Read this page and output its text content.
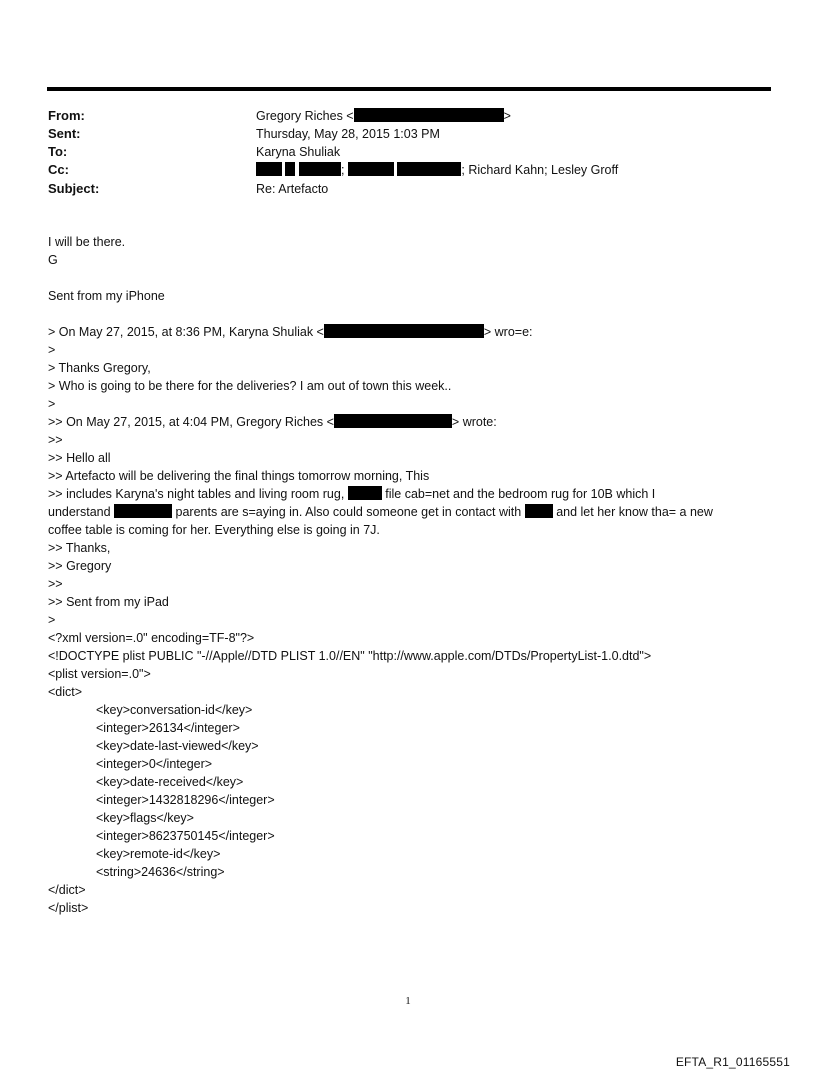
From:	Gregory Riches <	>
Sent:	Thursday, May 28, 2015 1:03 PM
To:	Karyna Shuliak
Cc:	;	; Richard Kahn; Lesley Groff
Subject:	Re: Artefacto
I will be there.
G
Sent from my iPhone
> On May 27, 2015, at 8:36 PM, Karyna Shuliak <	> wro=e:
>
> Thanks Gregory,
> Who is going to be there for the deliveries? I am out of town this week..
>
>> On May 27, 2015, at 4:04 PM, Gregory Riches <	> wrote:
>>
>> Hello all
>> Artefacto will be delivering the final things tomorrow morning, This
>> includes Karyna's night tables and living room rug,	file cab=net and the bedroom rug for 10B which I
understand	parents are s=aying in. Also could someone get in contact with	and let her know tha= a new
coffee table is coming for her. Everything else is going in 7J.
>> Thanks,
>> Gregory
>>
>> Sent from my iPad
>
<?xml version=.0" encoding=TF-8"?>
<!DOCTYPE plist PUBLIC "-//Apple//DTD PLIST 1.0//EN" "http://www.apple.com/DTDs/PropertyList-1.0.dtd">
<plist version=.0">
<dict>
<key>conversation-id</key>
<integer>26134</integer>
<key>date-last-viewed</key>
<integer>0</integer>
<key>date-received</key>
<integer>1432818296</integer>
<key>flags</key>
<integer>8623750145</integer>
<key>remote-id</key>
<string>24636</string>
</dict>
</plist>
1
EFTA_R1_01165551
